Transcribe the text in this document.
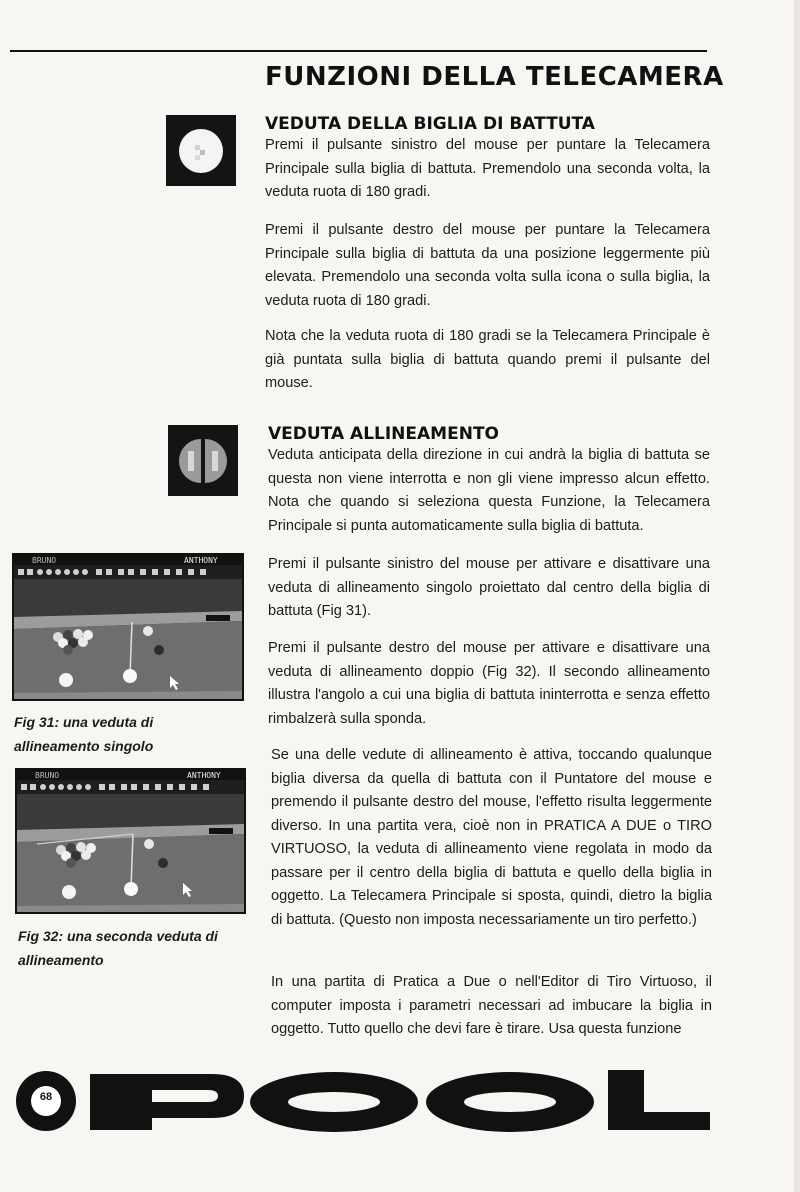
FUNZIONI DELLA TELECAMERA
VEDUTA DELLA BIGLIA DI BATTUTA

Premi il pulsante sinistro del mouse per puntare la Telecamera Principale sulla biglia di battuta. Premendolo una seconda volta, la veduta ruota di 180 gradi.

Premi il pulsante destro del mouse per puntare la Telecamera Principale sulla biglia di battuta da una posizione leggermente più elevata. Premendolo una seconda volta sulla icona o sulla biglia, la veduta ruota di 180 gradi.

Nota che la veduta ruota di 180 gradi se la Telecamera Principale è già puntata sulla biglia di battuta quando premi il pulsante del mouse.

VEDUTA ALLINEAMENTO

Veduta anticipata della direzione in cui andrà la biglia di battuta se questa non viene interrotta e non gli viene impresso alcun effetto. Nota che quando si seleziona questa Funzione, la Telecamera Principale si punta automaticamente sulla biglia di battuta.

Premi il pulsante sinistro del mouse per attivare e disattivare una veduta di allineamento singolo proiettato dal centro della biglia di battuta (Fig 31).

Premi il pulsante destro del mouse per attivare e disattivare una veduta di allineamento doppio (Fig 32). Il secondo allineamento illustra l'angolo a cui una biglia di battuta ininterrotta e senza effetto rimbalzerà sulla sponda.

Se una delle vedute di allineamento è attiva, toccando qualunque biglia diversa da quella di battuta con il Puntatore del mouse e premendo il pulsante destro del mouse, l'effetto risulta leggermente diverso. In una partita vera, cioè non in PRATICA A DUE o TIRO VIRTUOSO, la veduta di allineamento viene regolata in modo da passare per il centro della biglia di battuta e quello della biglia in oggetto. La Telecamera Principale si sposta, quindi, dietro la biglia di battuta. (Questo non imposta necessariamente un tiro perfetto.)

In una partita di Pratica a Due o nell'Editor di Tiro Virtuoso, il computer imposta i parametri necessari ad imbucare la biglia in oggetto. Tutto quello che devi fare è tirare. Usa questa funzione

BRUNO	ANTHONY

Fig 31: una veduta di allineamento singolo

BRUNO	ANTHONY

Fig 32: una seconda veduta di allineamento

68
